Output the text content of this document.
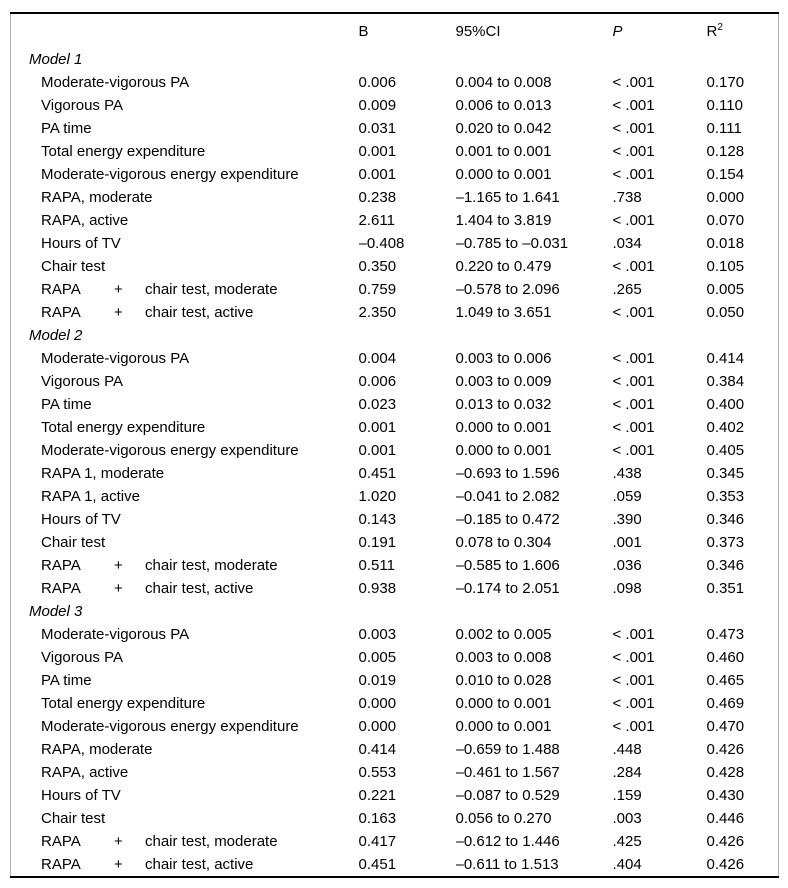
	B	95%CI	P	$R^2$
Model 1				
Moderate-vigorous PA	0.006	0.004 to 0.008	< .001	0.170
Vigorous PA	0.009	0.006 to 0.013	< .001	0.110
PA time	0.031	0.020 to 0.042	< .001	0.111
Total energy expenditure	0.001	0.001 to 0.001	< .001	0.128
Moderate-vigorous energy expenditure	0.001	0.000 to 0.001	< .001	0.154
RAPA, moderate	0.238	–1.165 to 1.641	.738	0.000
RAPA, active	2.611	1.404 to 3.819	< .001	0.070
Hours of TV	–0.408	–0.785 to –0.031	.034	0.018
Chair test	0.350	0.220 to 0.479	< .001	0.105
RAPA + chair test, moderate	0.759	–0.578 to 2.096	.265	0.005
RAPA + chair test, active	2.350	1.049 to 3.651	< .001	0.050
Model 2				
Moderate-vigorous PA	0.004	0.003 to 0.006	< .001	0.414
Vigorous PA	0.006	0.003 to 0.009	< .001	0.384
PA time	0.023	0.013 to 0.032	< .001	0.400
Total energy expenditure	0.001	0.000 to 0.001	< .001	0.402
Moderate-vigorous energy expenditure	0.001	0.000 to 0.001	< .001	0.405
RAPA 1, moderate	0.451	–0.693 to 1.596	.438	0.345
RAPA 1, active	1.020	–0.041 to 2.082	.059	0.353
Hours of TV	0.143	–0.185 to 0.472	.390	0.346
Chair test	0.191	0.078 to 0.304	.001	0.373
RAPA + chair test, moderate	0.511	–0.585 to 1.606	.036	0.346
RAPA + chair test, active	0.938	–0.174 to 2.051	.098	0.351
Model 3				
Moderate-vigorous PA	0.003	0.002 to 0.005	< .001	0.473
Vigorous PA	0.005	0.003 to 0.008	< .001	0.460
PA time	0.019	0.010 to 0.028	< .001	0.465
Total energy expenditure	0.000	0.000 to 0.001	< .001	0.469
Moderate-vigorous energy expenditure	0.000	0.000 to 0.001	< .001	0.470
RAPA, moderate	0.414	–0.659 to 1.488	.448	0.426
RAPA, active	0.553	–0.461 to 1.567	.284	0.428
Hours of TV	0.221	–0.087 to 0.529	.159	0.430
Chair test	0.163	0.056 to 0.270	.003	0.446
RAPA + chair test, moderate	0.417	–0.612 to 1.446	.425	0.426
RAPA + chair test, active	0.451	–0.611 to 1.513	.404	0.426
